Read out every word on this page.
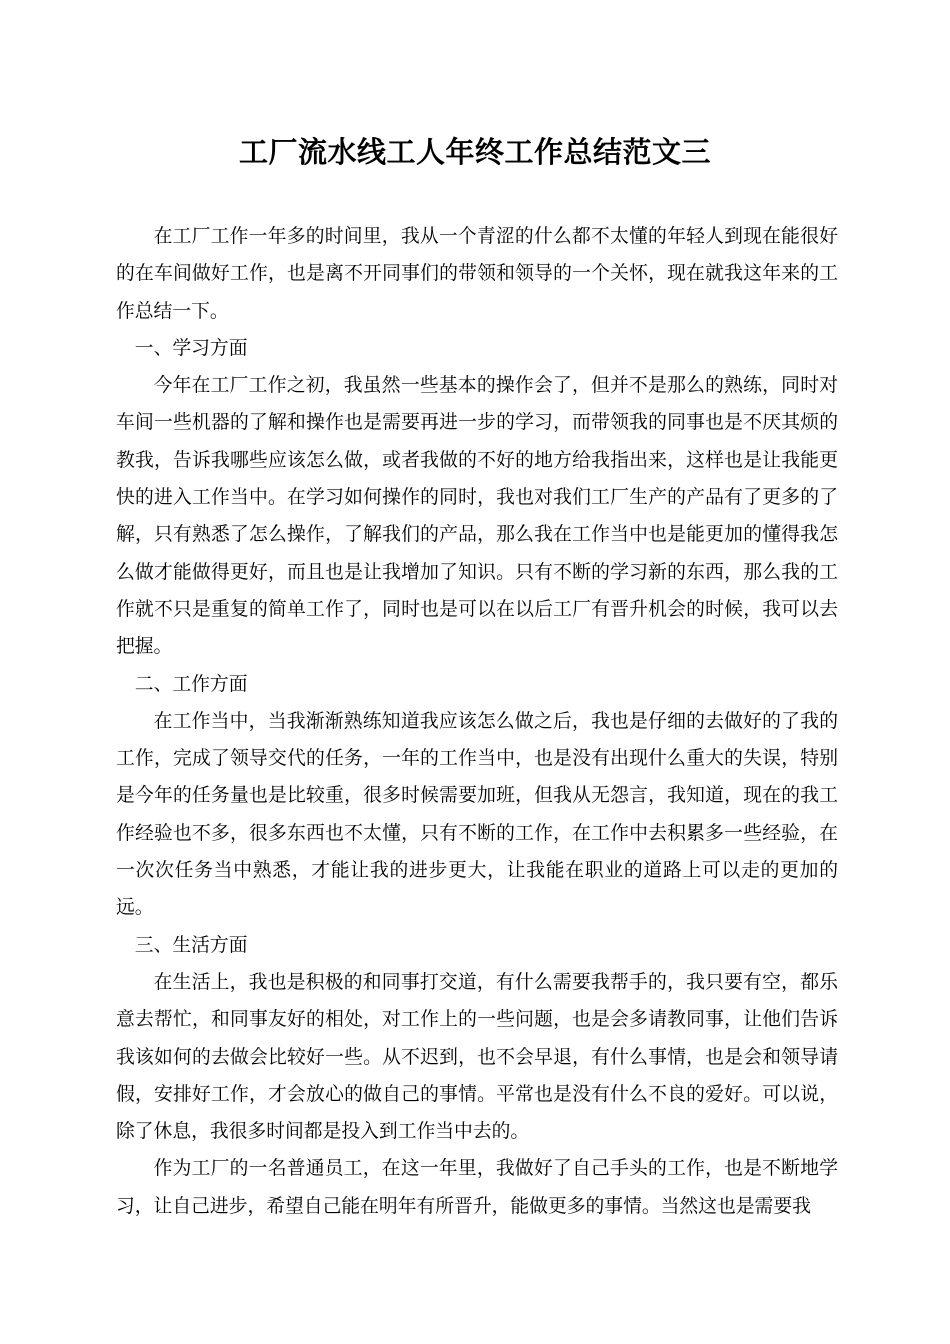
工厂流水线工人年终工作总结范文三

在工厂工作一年多的时间里，我从一个青涩的什么都不太懂的年轻人到现在能很好的在车间做好工作，也是离不开同事们的带领和领导的一个关怀，现在就我这年来的工作总结一下。

一、学习方面

今年在工厂工作之初，我虽然一些基本的操作会了，但并不是那么的熟练，同时对车间一些机器的了解和操作也是需要再进一步的学习，而带领我的同事也是不厌其烦的教我，告诉我哪些应该怎么做，或者我做的不好的地方给我指出来，这样也是让我能更快的进入工作当中。在学习如何操作的同时，我也对我们工厂生产的产品有了更多的了解，只有熟悉了怎么操作，了解我们的产品，那么我在工作当中也是能更加的懂得我怎么做才能做得更好，而且也是让我增加了知识。只有不断的学习新的东西，那么我的工作就不只是重复的简单工作了，同时也是可以在以后工厂有晋升机会的时候，我可以去把握。

二、工作方面

在工作当中，当我渐渐熟练知道我应该怎么做之后，我也是仔细的去做好的了我的工作，完成了领导交代的任务，一年的工作当中，也是没有出现什么重大的失误，特别是今年的任务量也是比较重，很多时候需要加班，但我从无怨言，我知道，现在的我工作经验也不多，很多东西也不太懂，只有不断的工作，在工作中去积累多一些经验，在一次次任务当中熟悉，才能让我的进步更大，让我能在职业的道路上可以走的更加的远。

三、生活方面

在生活上，我也是积极的和同事打交道，有什么需要我帮手的，我只要有空，都乐意去帮忙，和同事友好的相处，对工作上的一些问题，也是会多请教同事，让他们告诉我该如何的去做会比较好一些。从不迟到，也不会早退，有什么事情，也是会和领导请假，安排好工作，才会放心的做自己的事情。平常也是没有什么不良的爱好。可以说，除了休息，我很多时间都是投入到工作当中去的。

作为工厂的一名普通员工，在这一年里，我做好了自己手头的工作，也是不断地学习，让自己进步，希望自己能在明年有所晋升，能做更多的事情。当然这也是需要我
